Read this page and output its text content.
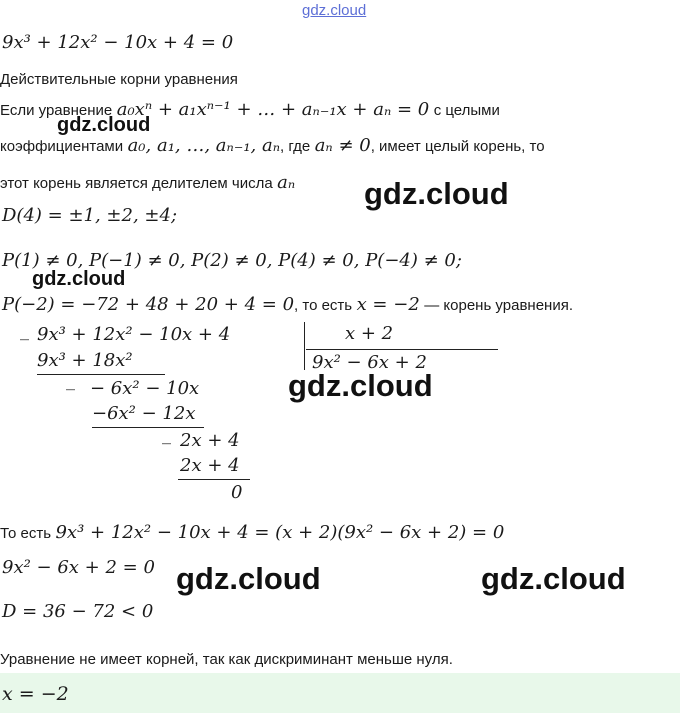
gdz.cloud
9x³ + 12x² − 10x + 4 = 0
Действительные корни уравнения
Если уравнение a₀xⁿ + a₁xⁿ⁻¹ + … + aₙ₋₁x + aₙ = 0 с целыми
коэффициентами a₀, a₁, …, aₙ₋₁, aₙ, где aₙ ≠ 0, имеет целый корень, то
этот корень является делителем числа aₙ
D(4) = ±1, ±2, ±4;
P(1) ≠ 0, P(−1) ≠ 0, P(2) ≠ 0, P(4) ≠ 0, P(−4) ≠ 0;
P(−2) = −72 + 48 + 20 + 4 = 0, то есть x = −2 — корень уравнения.
_ 9x³ + 12x² − 10x + 4	x + 2
9x² − 6x + 2
9x³ + 18x²
_ − 6x² − 10x
−6x² − 12x
_ 2x + 4
2x + 4
0
То есть 9x³ + 12x² − 10x + 4 = (x + 2)(9x² − 6x + 2) = 0
9x² − 6x + 2 = 0
D = 36 − 72 < 0
Уравнение не имеет корней, так как дискриминант меньше нуля.
x = −2
gdz.cloud
gdz.cloud
gdz.cloud
gdz.cloud
gdz.cloud	gdz.cloud
